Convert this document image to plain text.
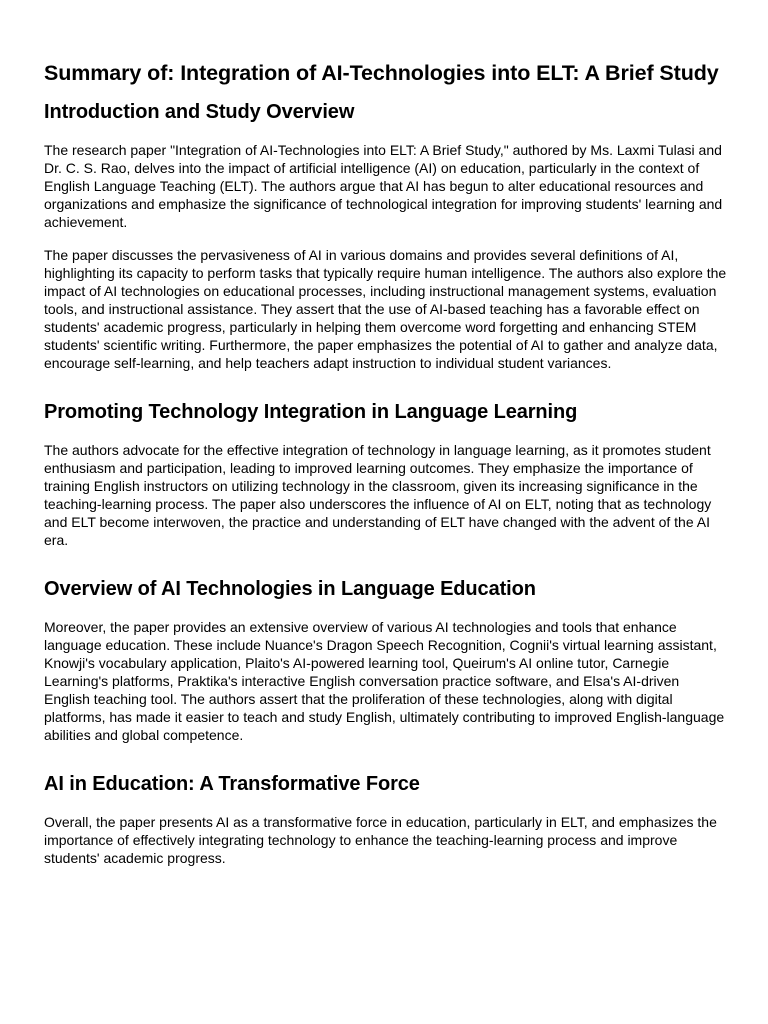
Summary of: Integration of AI-Technologies into ELT: A Brief Study
Introduction and Study Overview

The research paper "Integration of AI-Technologies into ELT: A Brief Study," authored by Ms. Laxmi Tulasi and Dr. C. S. Rao, delves into the impact of artificial intelligence (AI) on education, particularly in the context of English Language Teaching (ELT). The authors argue that AI has begun to alter educational resources and organizations and emphasize the significance of technological integration for improving students' learning and achievement.

The paper discusses the pervasiveness of AI in various domains and provides several definitions of AI, highlighting its capacity to perform tasks that typically require human intelligence. The authors also explore the impact of AI technologies on educational processes, including instructional management systems, evaluation tools, and instructional assistance. They assert that the use of AI-based teaching has a favorable effect on students' academic progress, particularly in helping them overcome word forgetting and enhancing STEM students' scientific writing. Furthermore, the paper emphasizes the potential of AI to gather and analyze data, encourage self-learning, and help teachers adapt instruction to individual student variances.

Promoting Technology Integration in Language Learning

The authors advocate for the effective integration of technology in language learning, as it promotes student enthusiasm and participation, leading to improved learning outcomes. They emphasize the importance of training English instructors on utilizing technology in the classroom, given its increasing significance in the teaching-learning process. The paper also underscores the influence of AI on ELT, noting that as technology and ELT become interwoven, the practice and understanding of ELT have changed with the advent of the AI era.

Overview of AI Technologies in Language Education

Moreover, the paper provides an extensive overview of various AI technologies and tools that enhance language education. These include Nuance's Dragon Speech Recognition, Cognii's virtual learning assistant, Knowji's vocabulary application, Plaito's AI-powered learning tool, Queirum's AI online tutor, Carnegie Learning's platforms, Praktika's interactive English conversation practice software, and Elsa's AI-driven English teaching tool. The authors assert that the proliferation of these technologies, along with digital platforms, has made it easier to teach and study English, ultimately contributing to improved English-language abilities and global competence.

AI in Education: A Transformative Force

Overall, the paper presents AI as a transformative force in education, particularly in ELT, and emphasizes the importance of effectively integrating technology to enhance the teaching-learning process and improve students' academic progress.
